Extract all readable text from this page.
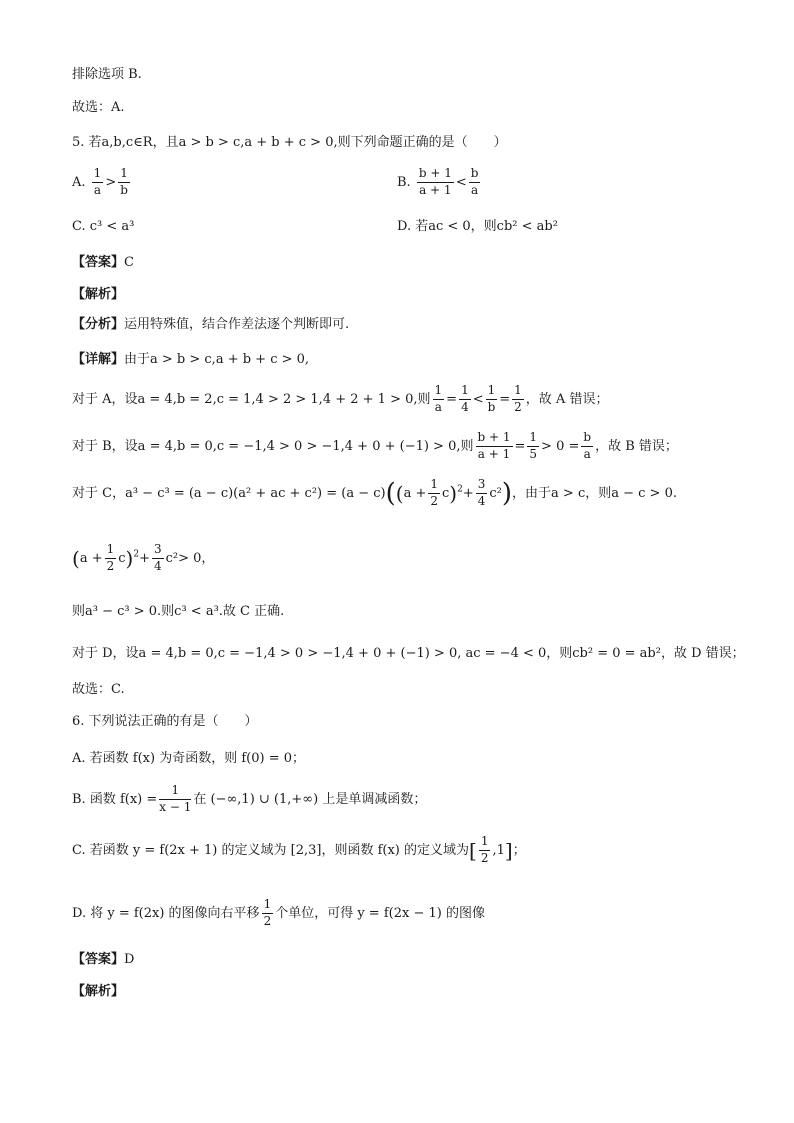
排除选项 B.
故选：A.
5. 若a,b,c∈R，且a > b > c,a + b + c > 0,则下列命题正确的是（　　）
A. $\frac{1}{a} > \frac{1}{b}$	B. $\frac{b + 1}{a + 1} < \frac{b}{a}$
C. c³ < a³	D. 若ac < 0，则cb² < ab²
【答案】C
【解析】
【分析】运用特殊值，结合作差法逐个判断即可.
【详解】由于a > b > c,a + b + c > 0,
对于 A，设a = 4,b = 2,c = 1,4 > 2 > 1,4 + 2 + 1 > 0,则 $\frac{1}{a} = \frac{1}{4} < \frac{1}{b} = \frac{1}{2}$ ，故 A 错误；
对于 B，设a = 4,b = 0,c = −1,4 > 0 > −1,4 + 0 + (−1) > 0,则 $\frac{b + 1}{a + 1} = \frac{1}{5} > 0 = \frac{b}{a}$ ，故 B 错误；
对于 C，a³ − c³ = (a − c)(a² + ac + $c^2) = (a - c)((a + \frac{1}{2} c)^2+ \frac{3}{4} c^2)$，由于a > c，则a − c > 0.
$(a + \frac{1}{2} c)^2+ \frac{3}{4} c^2> 0$，
则a³ − c³ > 0.则c³ < a³.故 C 正确.
对于 D，设a = 4,b = 0,c = −1,4 > 0 > −1,4 + 0 + (−1) > 0, ac = −4 < 0，则cb² = 0 = ab²，故 D 错误；
故选：C.
6. 下列说法正确的有是（　　）
A. 若函数 f(x) 为奇函数，则 f(0) = 0；
B. 函数 $f(x) = \frac{1}{x - 1}$ 在 (−∞,1) ∪ (1,+∞) 上是单调减函数；
C. 若函数 y = f(2x + 1) 的定义域为 [2,3]，则函数 f(x) 的定义域为[ $\frac{1}{2} ,1$]；
D. 将 y = f(2x) 的图像向右平移 $\frac{1}{2}$ 个单位，可得 y = f(2x − 1) 的图像
【答案】D
【解析】
